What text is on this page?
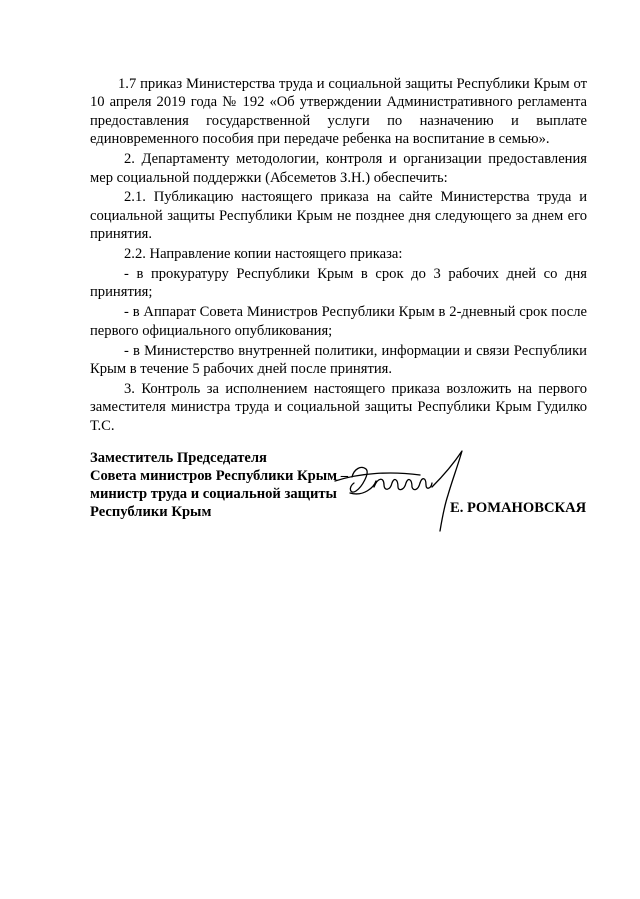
1.7 приказ Министерства труда и социальной защиты Республики Крым от 10 апреля 2019 года № 192 «Об утверждении Административного регламента предоставления государственной услуги по назначению и выплате единовременного пособия при передаче ребенка на воспитание в семью».

2. Департаменту методологии, контроля и организации предоставления мер социальной поддержки (Абсеметов З.Н.) обеспечить:

2.1. Публикацию настоящего приказа на сайте Министерства труда и социальной защиты Республики Крым не позднее дня следующего за днем его принятия.

2.2. Направление копии настоящего приказа:

- в прокуратуру Республики Крым в срок до 3 рабочих дней со дня принятия;

- в Аппарат Совета Министров Республики Крым в 2-дневный срок после первого официального опубликования;

- в Министерство внутренней политики, информации и связи Республики Крым в течение 5 рабочих дней после принятия.

3. Контроль за исполнением настоящего приказа возложить на первого заместителя министра труда и социальной защиты Республики Крым Гудилко Т.С.

Заместитель Председателя
Совета министров Республики Крым –
министр труда и социальной защиты
Республики Крым	Е. РОМАНОВСКАЯ
